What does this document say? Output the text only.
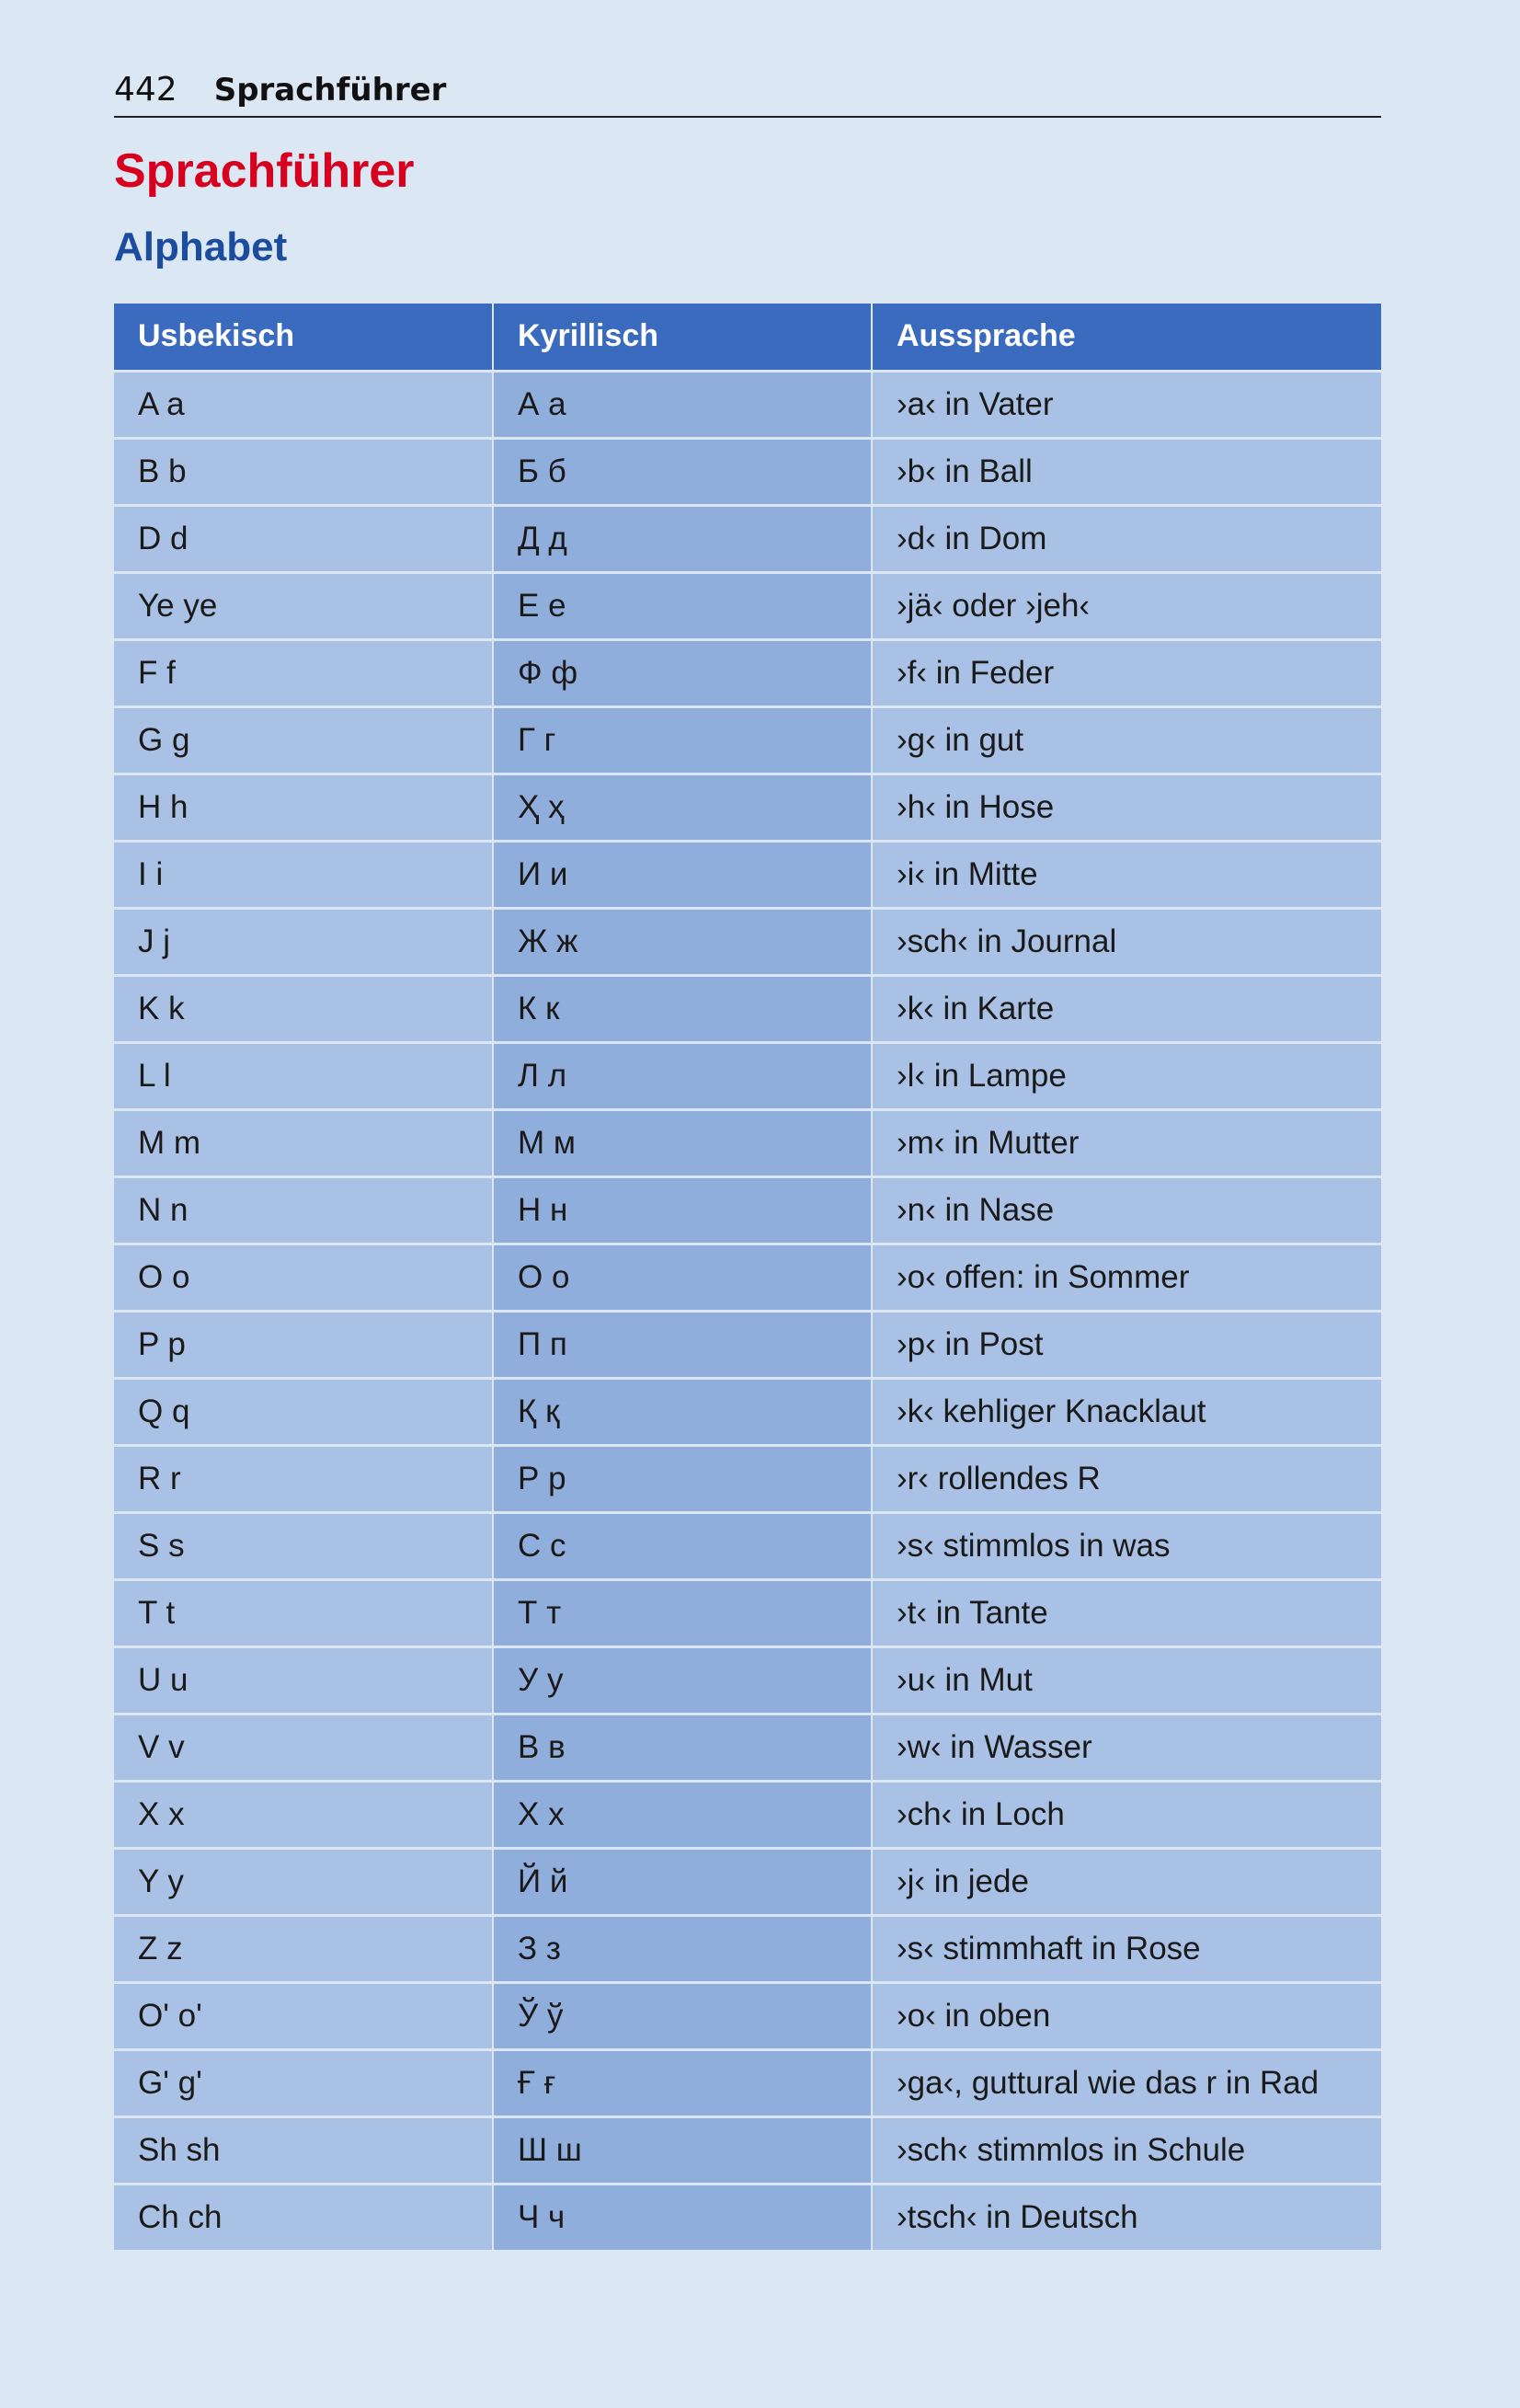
442 Sprachführer
Sprachführer
Alphabet
Usbekisch	Kyrillisch	Aussprache
A a	А а	›a‹ in Vater
B b	Б б	›b‹ in Ball
D d	Д д	›d‹ in Dom
Ye ye	Е е	›jä‹ oder ›jeh‹
F f	Ф ф	›f‹ in Feder
G g	Г г	›g‹ in gut
H h	Ҳ ҳ	›h‹ in Hose
I i	И и	›i‹ in Mitte
J j	Ж ж	›sch‹ in Journal
K k	К к	›k‹ in Karte
L l	Л л	›l‹ in Lampe
M m	М м	›m‹ in Mutter
N n	Н н	›n‹ in Nase
O o	О о	›o‹ offen: in Sommer
P p	П п	›p‹ in Post
Q q	Қ қ	›k‹ kehliger Knacklaut
R r	Р р	›r‹ rollendes R
S s	С с	›s‹ stimmlos in was
T t	Т т	›t‹ in Tante
U u	У у	›u‹ in Mut
V v	В в	›w‹ in Wasser
X x	Х х	›ch‹ in Loch
Y y	Й й	›j‹ in jede
Z z	З з	›s‹ stimmhaft in Rose
O' o'	Ў ў	›o‹ in oben
G' g'	Ғ ғ	›ga‹, guttural wie das r in Rad
Sh sh	Ш ш	›sch‹ stimmlos in Schule
Ch ch	Ч ч	›tsch‹ in Deutsch
